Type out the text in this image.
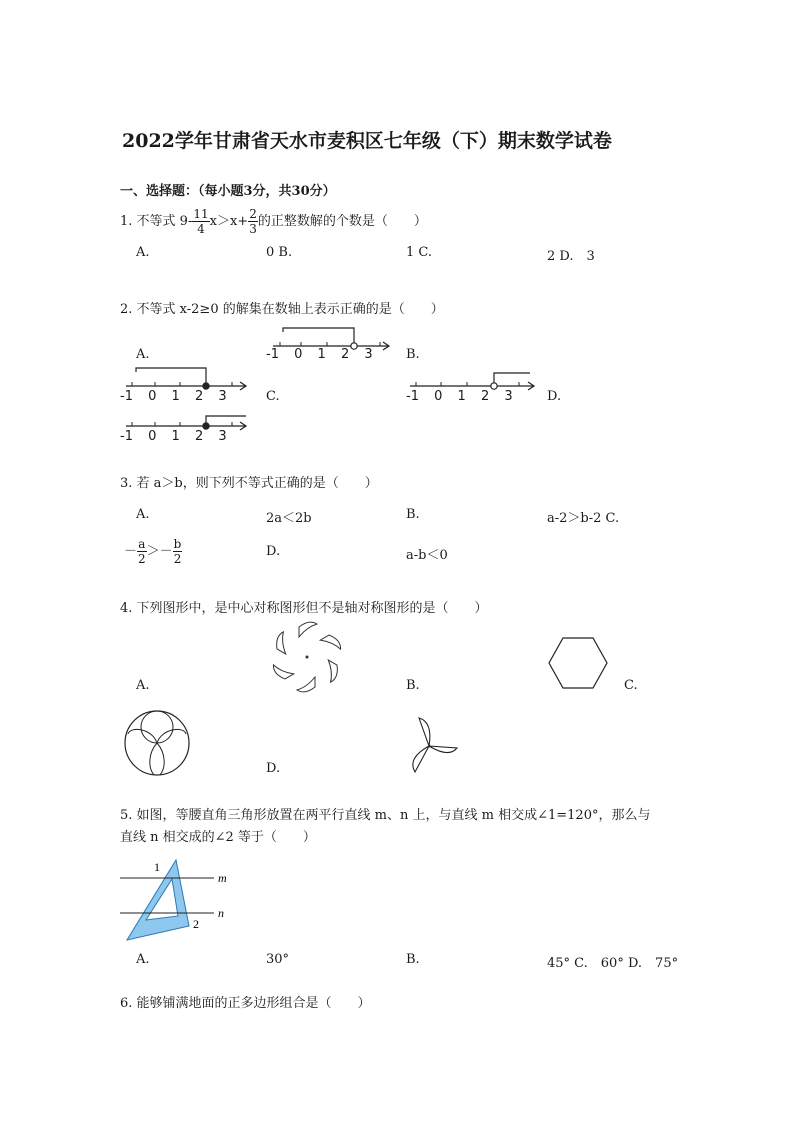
2022学年甘肃省天水市麦积区七年级（下）期末数学试卷
一、选择题：（每小题3分，共30分）
1. 不等式 $9- \frac{11}{4} x>x+ \frac{2}{3}$ 的正整数解的个数是（　　）
A.	0 B.	1 C.	2 D.　3
2. 不等式 x-2≥0 的解集在数轴上表示正确的是（　　）
A.	B.
C.	D.
-1 0 1 2 3
-1 0 1 2 3	-1 0 1 2 3
-1 0 1 2 3
3. 若 a＞b，则下列不等式正确的是（　　）
A.	2a＜2b	B.	a-2＞b-2 C.
－ $\frac{a}{2} >- \frac{b}{2}$	D.	a-b＜0
4. 下列图形中，是中心对称图形但不是轴对称图形的是（　　）
A.	B.	C.
D.
5. 如图，等腰直角三角形放置在两平行直线 m、n 上，与直线 m 相交成∠1=120°，那么与
直线 n 相交成的∠2 等于（　　）
m
n
1
2
A.	30°	B.	45° C.　60° D.　75°
6. 能够铺满地面的正多边形组合是（　　）
